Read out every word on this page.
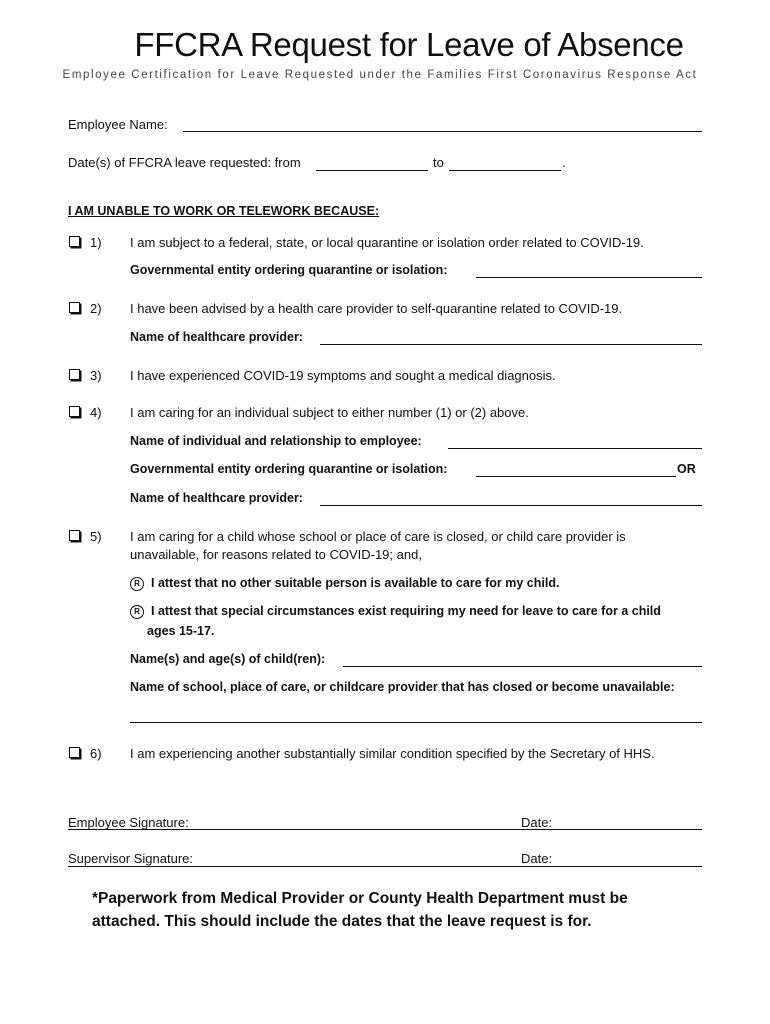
FFCRA Request for Leave of Absence
Employee Certification for Leave Requested under the Families First Coronavirus Response Act
Employee Name:
Date(s) of FFCRA leave requested: from	to	.
I AM UNABLE TO WORK OR TELEWORK BECAUSE:
1) I am subject to a federal, state, or local quarantine or isolation order related to COVID-19.
Governmental entity ordering quarantine or isolation:
2) I have been advised by a health care provider to self-quarantine related to COVID-19.
Name of healthcare provider:
3) I have experienced COVID-19 symptoms and sought a medical diagnosis.
4) I am caring for an individual subject to either number (1) or (2) above.
Name of individual and relationship to employee:
Governmental entity ordering quarantine or isolation:	OR
Name of healthcare provider:
5) I am caring for a child whose school or place of care is closed, or child care provider is
unavailable, for reasons related to COVID-19; and,
R I attest that no other suitable person is available to care for my child.
R I attest that special circumstances exist requiring my need for leave to care for a child
ages 15-17.
Name(s) and age(s) of child(ren):
Name of school, place of care, or childcare provider that has closed or become unavailable:
6) I am experiencing another substantially similar condition specified by the Secretary of HHS.
Employee Signature:	Date:
Supervisor Signature:	Date:
*Paperwork from Medical Provider or County Health Department must be
attached. This should include the dates that the leave request is for.
